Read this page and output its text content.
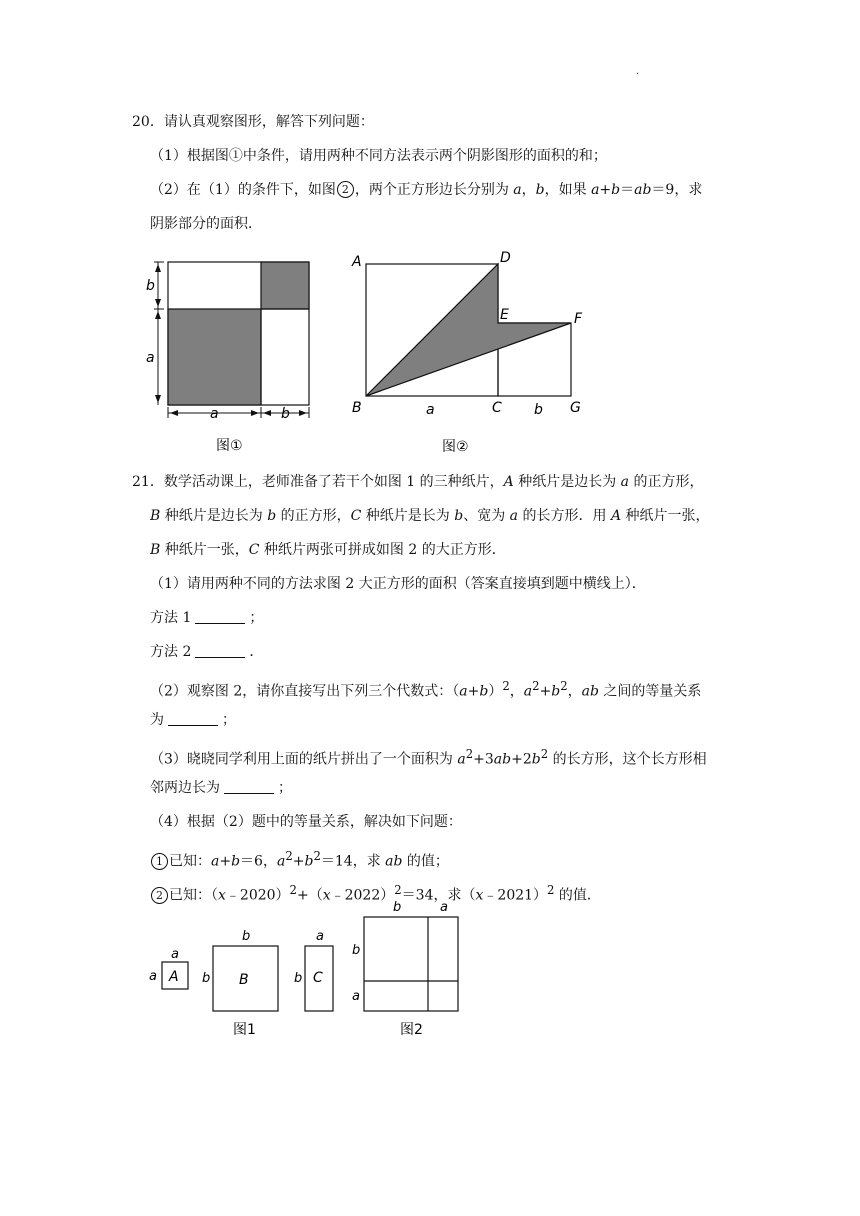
.
20．请认真观察图形，解答下列问题：
（1）根据图①中条件，请用两种不同方法表示两个阴影图形的面积的和；
（2）在（1）的条件下，如图 2 ，两个正方形边长分别为 a，b，如果 a+b＝ab＝9，求
阴影部分的面积．
b
a
a	b
图①
A	D
E	F
B	C	G
a	b
图②
21．数学活动课上，老师准备了若干个如图 1 的三种纸片，A 种纸片是边长为 a 的正方形，
B 种纸片是边长为 b 的正方形，C 种纸片是长为 b、宽为 a 的长方形．用 A 种纸片一张，
B 种纸片一张，C 种纸片两张可拼成如图 2 的大正方形．
（1）请用两种不同的方法求图 2 大正方形的面积（答案直接填到题中横线上）．
方法 1	；
方法 2	．
（2）观察图 2，请你直接写出下列三个代数式：$(a+b)^2$，$a^2+b^2$，ab 之间的等量关系
为	；
（3）晓晓同学利用上面的纸片拼出了一个面积为 $a^2+3ab+2b^2$ 的长方形，这个长方形相
邻两边长为	；
（4）根据（2）题中的等量关系，解决如下问题：
1 已知：a+b＝6，$a^2+b^2=14$，求 ab 的值；
2 已知：（x﹣2020）$^2$+（x﹣2022）$^2$＝34，求（x﹣2021）$^2$ 的值．
a
a A
b
b B
a
b C
b	a
b
a
图1	图2
